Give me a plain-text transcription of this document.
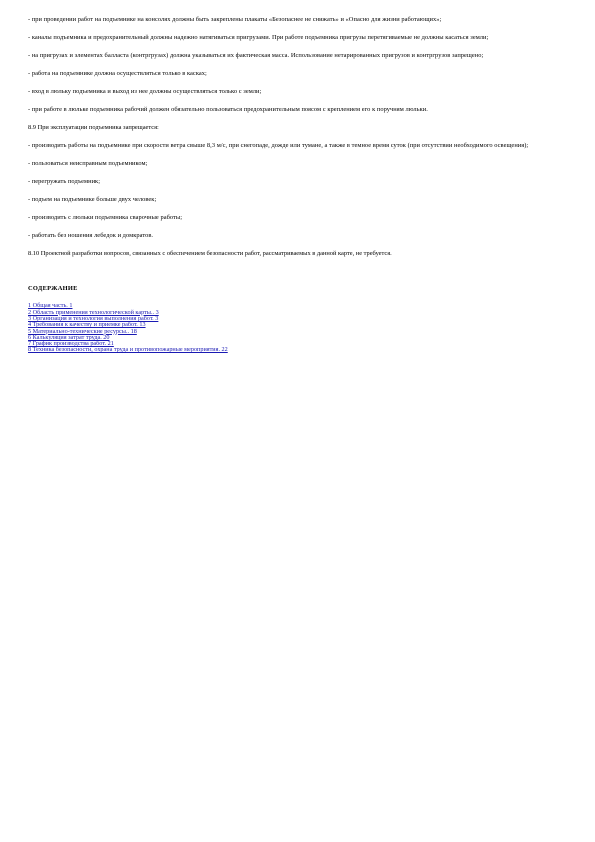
- при проведении работ на подъемнике на консолях должны быть закреплены плакаты «Безопаснее не снижать» и «Опасно для жизни работающих»;

- каналы подъемника и предохранительный должны надежно натягиваться пригрузами. При работе подъемника пригрузы перетягиваемые не должны касаться земли;

- на пригрузах и элементах балласта (контргрузах) должна указываться их фактическая масса. Использование нетарированных пригрузов и контргрузов запрещено;

- работа на подъемнике должна осуществляться только в касках;

- вход в люльку подъемника и выход из нее должны осуществляться только с земли;

- при работе в люльке подъемника рабочий должен обязательно пользоваться предохранительным поясом с креплением его к поручням люльки.

8.9 При эксплуатации подъемника запрещается:

- производить работы на подъемнике при скорости ветра свыше 8,3 м/с, при снегопаде, дожде или тумане, а также в темное время суток (при отсутствии необходимого освещения);

- пользоваться неисправным подъемником;

- перегружать подъемник;

- подъем на подъемнике больше двух человек;

- производить с люльки подъемника сварочные работы;

- работать без ношения лебедок и домкратов.

8.10 Проектной разработки вопросов, связанных с обеспечением безопасности работ, рассматриваемых в данной карте, не требуется.

СОДЕРЖАНИЕ
1 Общая часть. 1
2 Область применения технологической карты.. 3
3 Организация и технология выполнения работ. 3
4 Требования к качеству и приемке работ. 13
5 Материально-технические ресурсы.. 18
6 Калькуляция затрат труда. 20
7 График производства работ. 21
8 Техника безопасности, охрана труда и противопожарные мероприятия. 22
